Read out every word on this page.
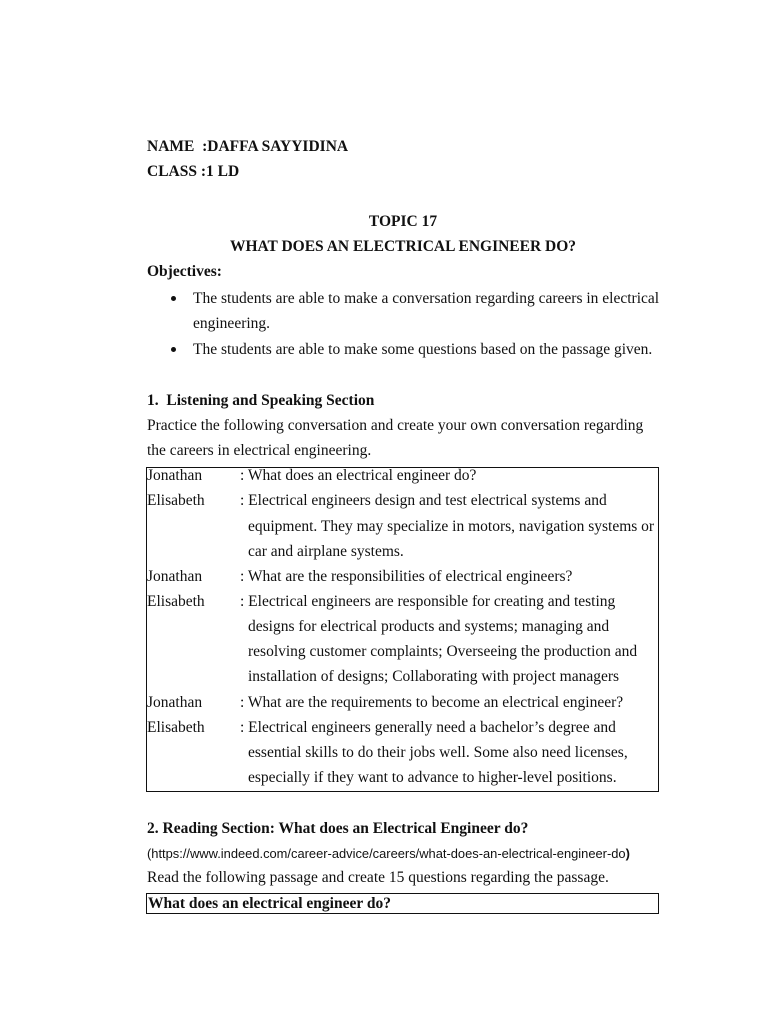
NAME  :DAFFA SAYYIDINA
CLASS :1 LD
TOPIC 17
WHAT DOES AN ELECTRICAL ENGINEER DO?
Objectives:
The students are able to make a conversation regarding careers in electrical
engineering.
The students are able to make some questions based on the passage given.
1.  Listening and Speaking Section
Practice the following conversation and create your own conversation regarding
the careers in electrical engineering.
Jonathan : What does an electrical engineer do?
Elisabeth : Electrical engineers design and test electrical systems and
equipment. They may specialize in motors, navigation systems or
car and airplane systems.
Jonathan : What are the responsibilities of electrical engineers?
Elisabeth : Electrical engineers are responsible for creating and testing
designs for electrical products and systems; managing and
resolving customer complaints; Overseeing the production and
installation of designs; Collaborating with project managers
Jonathan : What are the requirements to become an electrical engineer?
Elisabeth : Electrical engineers generally need a bachelor’s degree and
essential skills to do their jobs well. Some also need licenses,
especially if they want to advance to higher-level positions.
2. Reading Section: What does an Electrical Engineer do?
(https://www.indeed.com/career-advice/careers/what-does-an-electrical-engineer-do)
Read the following passage and create 15 questions regarding the passage.
What does an electrical engineer do?
